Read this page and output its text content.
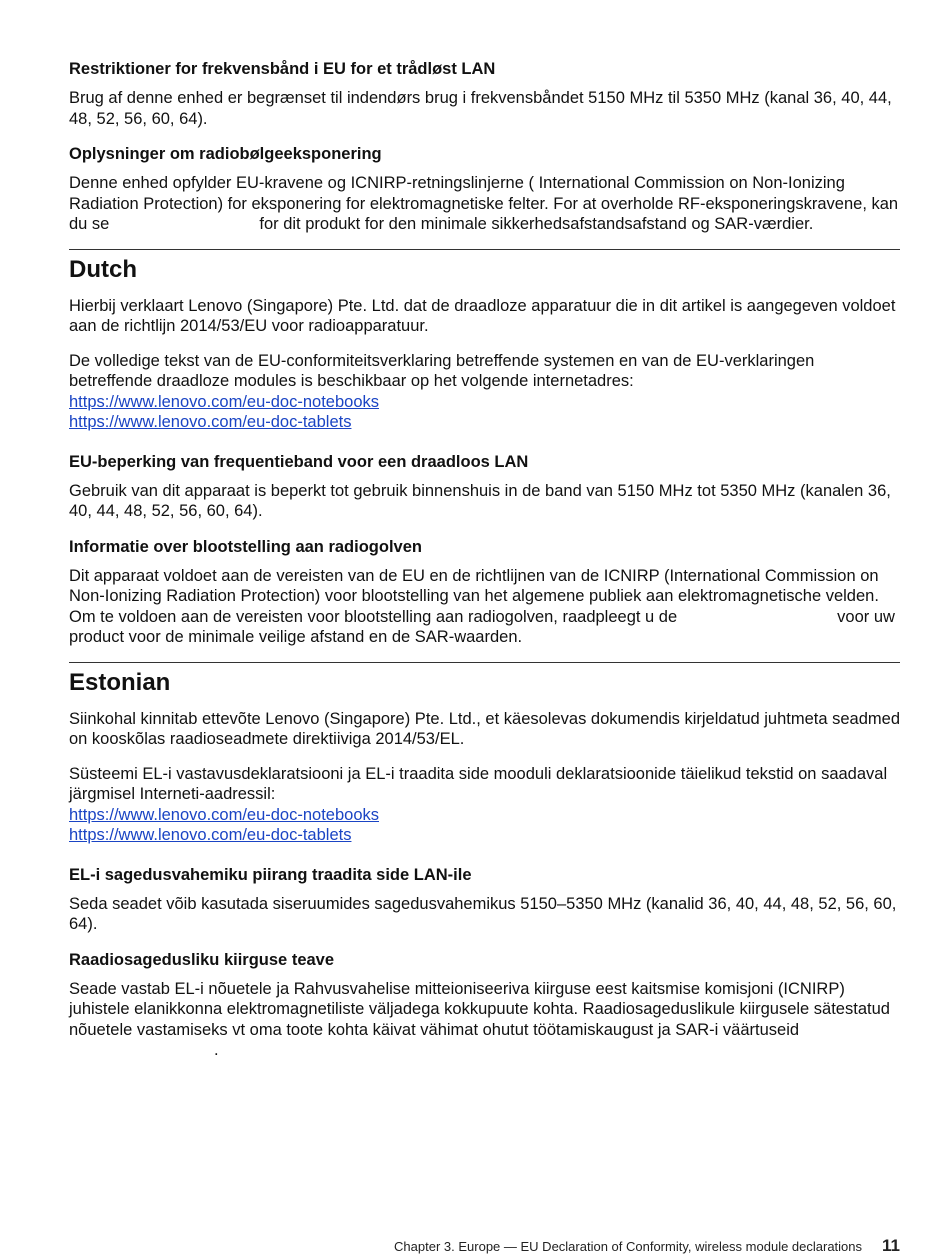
Restriktioner for frekvensbånd i EU for et trådløst LAN

Brug af denne enhed er begrænset til indendørs brug i frekvensbåndet 5150 MHz til 5350 MHz (kanal 36, 40, 44, 48, 52, 56, 60, 64).

Oplysninger om radiobølgeeksponering

Denne enhed opfylder EU-kravene og ICNIRP-retningslinjerne ( International Commission on Non-Ionizing Radiation Protection) for eksponering for elektromagnetiske felter. For at overholde RF-eksponeringskravene, kan du se	for dit produkt for den minimale sikkerhedsafstandsafstand og SAR-værdier.

Dutch

Hierbij verklaart Lenovo (Singapore) Pte. Ltd. dat de draadloze apparatuur die in dit artikel is aangegeven voldoet aan de richtlijn 2014/53/EU voor radioapparatuur.

De volledige tekst van de EU-conformiteitsverklaring betreffende systemen en van de EU-verklaringen betreffende draadloze modules is beschikbaar op het volgende internetadres:

https://www.lenovo.com/eu-doc-notebooks
https://www.lenovo.com/eu-doc-tablets
EU-beperking van frequentieband voor een draadloos LAN

Gebruik van dit apparaat is beperkt tot gebruik binnenshuis in de band van 5150 MHz tot 5350 MHz (kanalen 36, 40, 44, 48, 52, 56, 60, 64).

Informatie over blootstelling aan radiogolven

Dit apparaat voldoet aan de vereisten van de EU en de richtlijnen van de ICNIRP (International Commission on Non-Ionizing Radiation Protection) voor blootstelling van het algemene publiek aan elektromagnetische velden. Om te voldoen aan de vereisten voor blootstelling aan radiogolven, raadpleegt u de	voor uw product voor de minimale veilige afstand en de SAR-waarden.

Estonian

Siinkohal kinnitab ettevõte Lenovo (Singapore) Pte. Ltd., et käesolevas dokumendis kirjeldatud juhtmeta seadmed on kooskõlas raadioseadmete direktiiviga 2014/53/EL.

Süsteemi EL-i vastavusdeklaratsiooni ja EL-i traadita side mooduli deklaratsioonide täielikud tekstid on saadaval järgmisel Interneti-aadressil:

https://www.lenovo.com/eu-doc-notebooks
https://www.lenovo.com/eu-doc-tablets
EL-i sagedusvahemiku piirang traadita side LAN-ile

Seda seadet võib kasutada siseruumides sagedusvahemikus 5150–5350 MHz (kanalid 36, 40, 44, 48, 52, 56, 60, 64).

Raadiosagedusliku kiirguse teave

Seade vastab EL-i nõuetele ja Rahvusvahelise mitteioniseeriva kiirguse eest kaitsmise komisjoni (ICNIRP) juhistele elanikkonna elektromagnetiliste väljadega kokkupuute kohta. Raadiosageduslikule kiirgusele sätestatud nõuetele vastamiseks vt oma toote kohta käivat vähimat ohutut töötamiskaugust ja SAR-i väärtuseid.

Chapter 3. Europe — EU Declaration of Conformity, wireless module declarations 11
